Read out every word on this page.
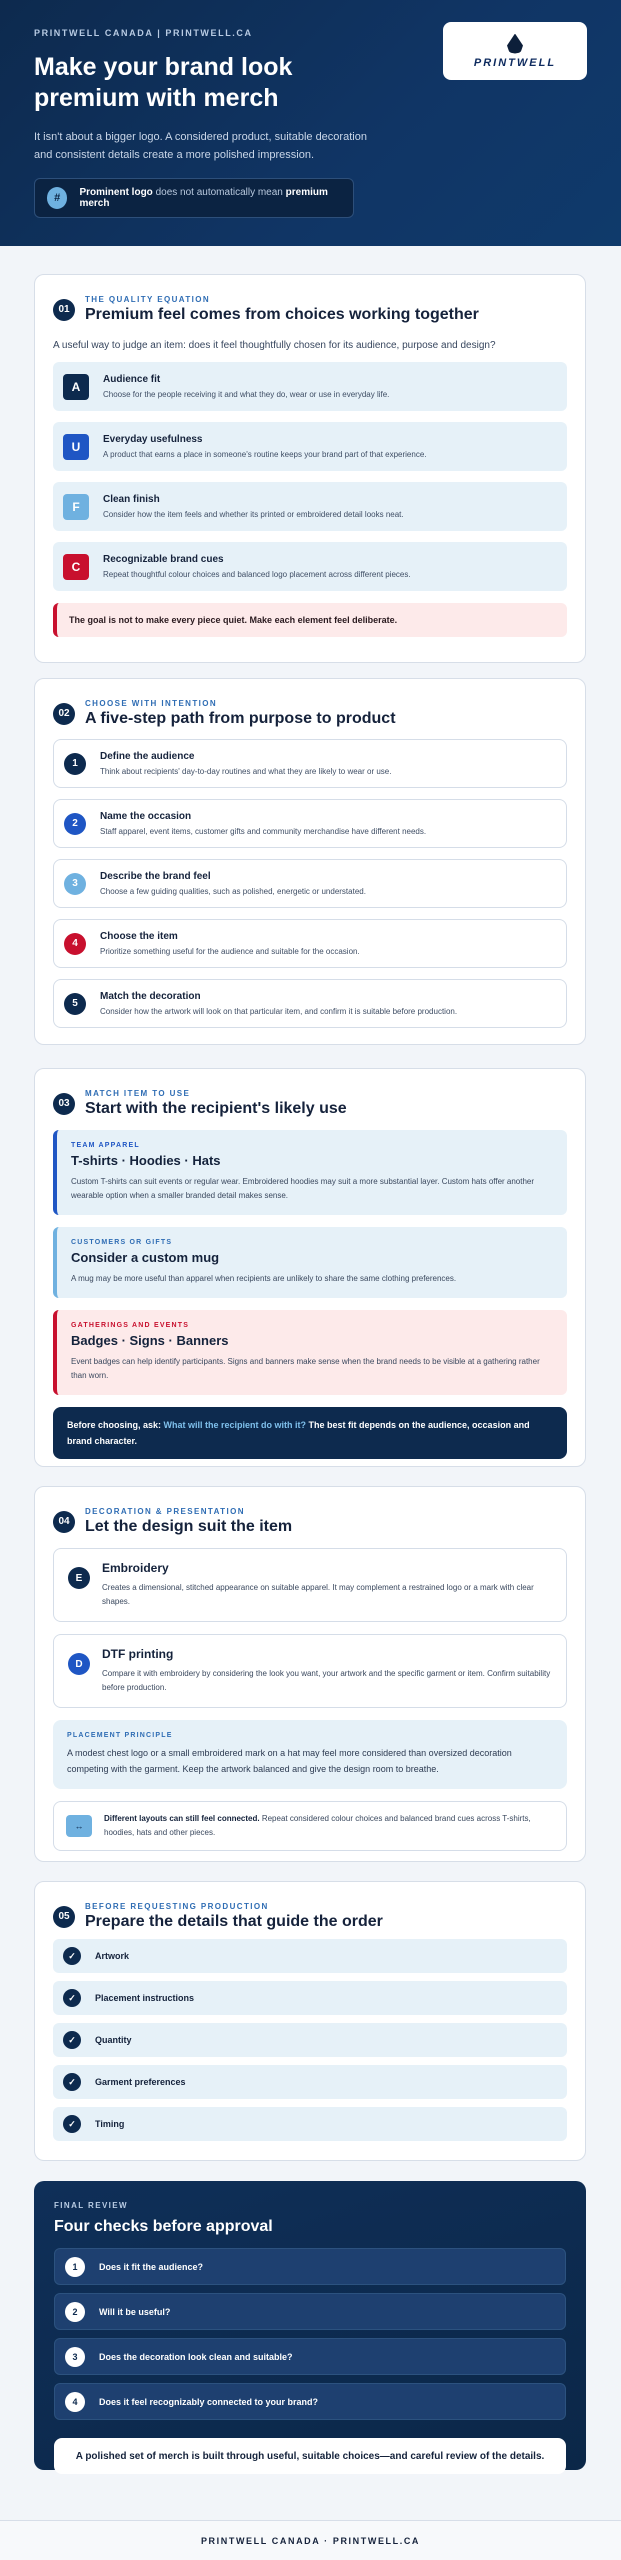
PRINTWELL CANADA | PRINTWELL.CA
Make your brand look premium with merch

It isn't about a bigger logo. A considered product, suitable decoration and consistent details create a more polished impression.

PRINTWELL
#	Prominent logo does not automatically mean premium merch
01
THE QUALITY EQUATION
Premium feel comes from choices working together
A useful way to judge an item: does it feel thoughtfully chosen for its audience, purpose and design?
A	Audience fit
Choose for the people receiving it and what they do, wear or use in everyday life.
U	Everyday usefulness
A product that earns a place in someone's routine keeps your brand part of that experience.
F	Clean finish
Consider how the item feels and whether its printed or embroidered detail looks neat.
C	Recognizable brand cues
Repeat thoughtful colour choices and balanced logo placement across different pieces.
The goal is not to make every piece quiet. Make each element feel deliberate.
02
CHOOSE WITH INTENTION
A five-step path from purpose to product
1
Define the audience
Think about recipients' day-to-day routines and what they are likely to wear or use.
2
Name the occasion
Staff apparel, event items, customer gifts and community merchandise have different needs.
3
Describe the brand feel
Choose a few guiding qualities, such as polished, energetic or understated.
4
Choose the item
Prioritize something useful for the audience and suitable for the occasion.
5
Match the decoration
Consider how the artwork will look on that particular item, and confirm it is suitable before production.
03
MATCH ITEM TO USE
Start with the recipient's likely use
TEAM APPAREL
T-shirts · Hoodies · Hats
Custom T-shirts can suit events or regular wear. Embroidered hoodies may suit a more substantial layer. Custom hats offer another wearable option when a smaller branded detail makes sense.
CUSTOMERS OR GIFTS
Consider a custom mug
A mug may be more useful than apparel when recipients are unlikely to share the same clothing preferences.
GATHERINGS AND EVENTS
Badges · Signs · Banners
Event badges can help identify participants. Signs and banners make sense when the brand needs to be visible at a gathering rather than worn.
Before choosing, ask: What will the recipient do with it? The best fit depends on the audience, occasion and brand character.
04
DECORATION & PRESENTATION
Let the design suit the item
E
Embroidery
Creates a dimensional, stitched appearance on suitable apparel. It may complement a restrained logo or a mark with clear shapes.
D
DTF printing
Compare it with embroidery by considering the look you want, your artwork and the specific garment or item. Confirm suitability before production.
PLACEMENT PRINCIPLE
A modest chest logo or a small embroidered mark on a hat may feel more considered than oversized decoration competing with the garment. Keep the artwork balanced and give the design room to breathe.
↔
Different layouts can still feel connected. Repeat considered colour choices and balanced brand cues across T-shirts, hoodies, hats and other pieces.
05
BEFORE REQUESTING PRODUCTION
Prepare the details that guide the order
✓	Artwork
✓	Placement instructions
✓	Quantity
✓	Garment preferences
✓	Timing
FINAL REVIEW
Four checks before approval
1	Does it fit the audience?
2	Will it be useful?
3	Does the decoration look clean and suitable?
4	Does it feel recognizably connected to your brand?
A polished set of merch is built through useful, suitable choices—and careful review of the details.
PRINTWELL CANADA · PRINTWELL.CA
